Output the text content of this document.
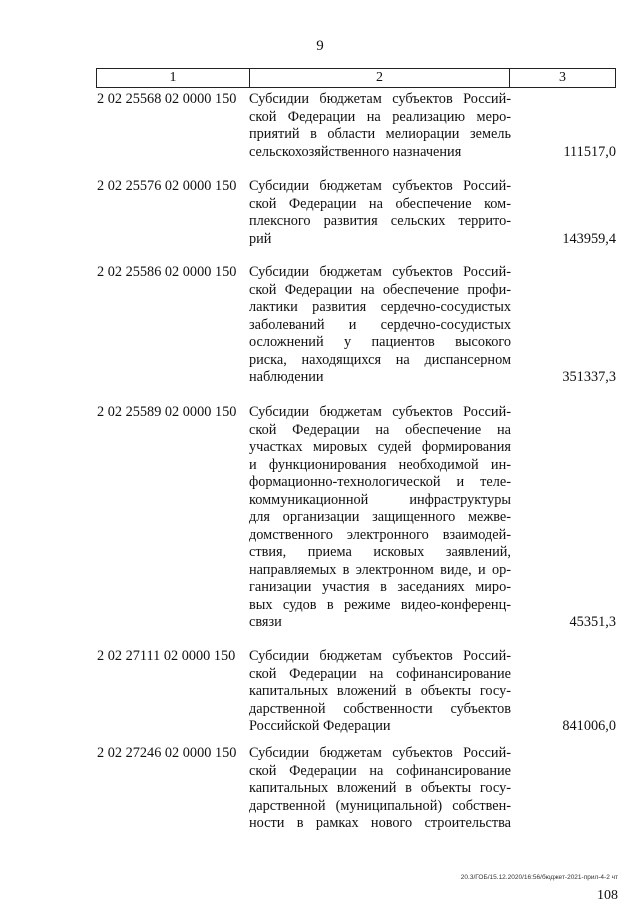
9
1	2	3
2 02 25568 02 0000 150 Субсидии бюджетам субъектов Россий-
ской Федерации на реализацию меро-
приятий в области мелиорации земель
сельскохозяйственного назначения	111517,0
2 02 25576 02 0000 150 Субсидии бюджетам субъектов Россий-
ской Федерации на обеспечение ком-
плексного развития сельских террито-
рий	143959,4
2 02 25586 02 0000 150 Субсидии бюджетам субъектов Россий-
ской Федерации на обеспечение профи-
лактики развития сердечно-сосудистых
заболеваний и сердечно-сосудистых
осложнений у пациентов высокого
риска, находящихся на диспансерном
наблюдении	351337,3
2 02 25589 02 0000 150 Субсидии бюджетам субъектов Россий-
ской Федерации на обеспечение на
участках мировых судей формирования
и функционирования необходимой ин-
формационно-технологической и теле-
коммуникационной инфраструктуры
для организации защищенного межве-
домственного электронного взаимодей-
ствия, приема исковых заявлений,
направляемых в электронном виде, и ор-
ганизации участия в заседаниях миро-
вых судов в режиме видео-конференц-
связи	45351,3
2 02 27111 02 0000 150 Субсидии бюджетам субъектов Россий-
ской Федерации на софинансирование
капитальных вложений в объекты госу-
дарственной собственности субъектов
Российской Федерации	841006,0
2 02 27246 02 0000 150 Субсидии бюджетам субъектов Россий-
ской Федерации на софинансирование
капитальных вложений в объекты госу-
дарственной (муниципальной) собствен-
ности в рамках нового строительства
20.3/ГОБ/15.12.2020/16:56/бюджет-2021-прил-4-2 чт
108
